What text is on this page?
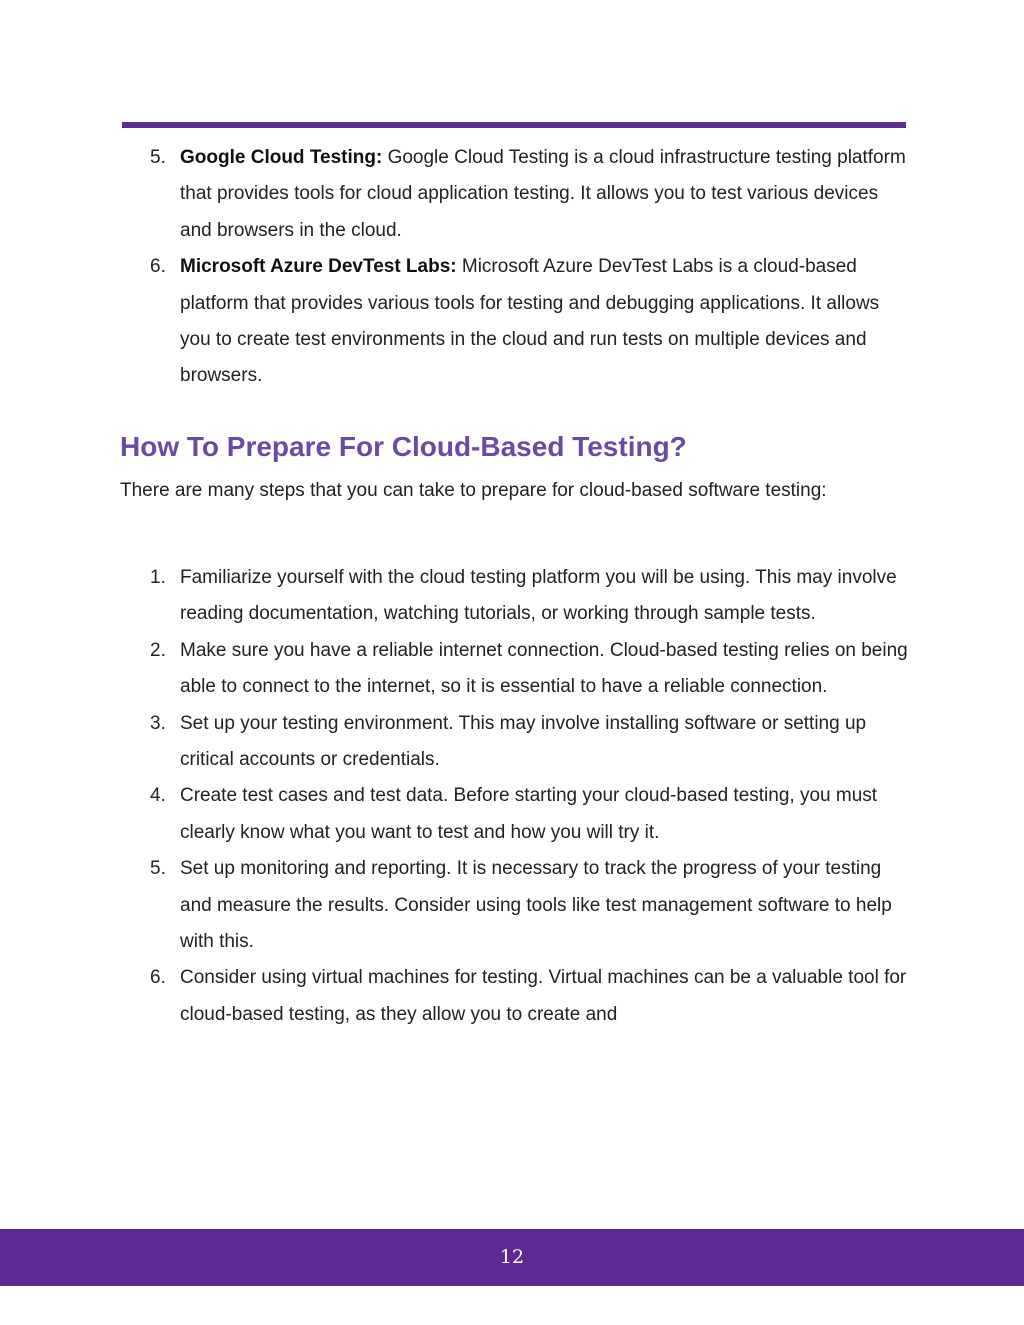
5. Google Cloud Testing: Google Cloud Testing is a cloud infrastructure testing platform that provides tools for cloud application testing. It allows you to test various devices and browsers in the cloud.
6. Microsoft Azure DevTest Labs: Microsoft Azure DevTest Labs is a cloud-based platform that provides various tools for testing and debugging applications. It allows you to create test environments in the cloud and run tests on multiple devices and browsers.
How To Prepare For Cloud-Based Testing?

There are many steps that you can take to prepare for cloud-based software testing:

1. Familiarize yourself with the cloud testing platform you will be using. This may involve reading documentation, watching tutorials, or working through sample tests.
2. Make sure you have a reliable internet connection. Cloud-based testing relies on being able to connect to the internet, so it is essential to have a reliable connection.
3. Set up your testing environment. This may involve installing software or setting up critical accounts or credentials.
4. Create test cases and test data. Before starting your cloud-based testing, you must clearly know what you want to test and how you will try it.
5. Set up monitoring and reporting. It is necessary to track the progress of your testing and measure the results. Consider using tools like test management software to help with this.
6. Consider using virtual machines for testing. Virtual machines can be a valuable tool for cloud-based testing, as they allow you to create and
12
